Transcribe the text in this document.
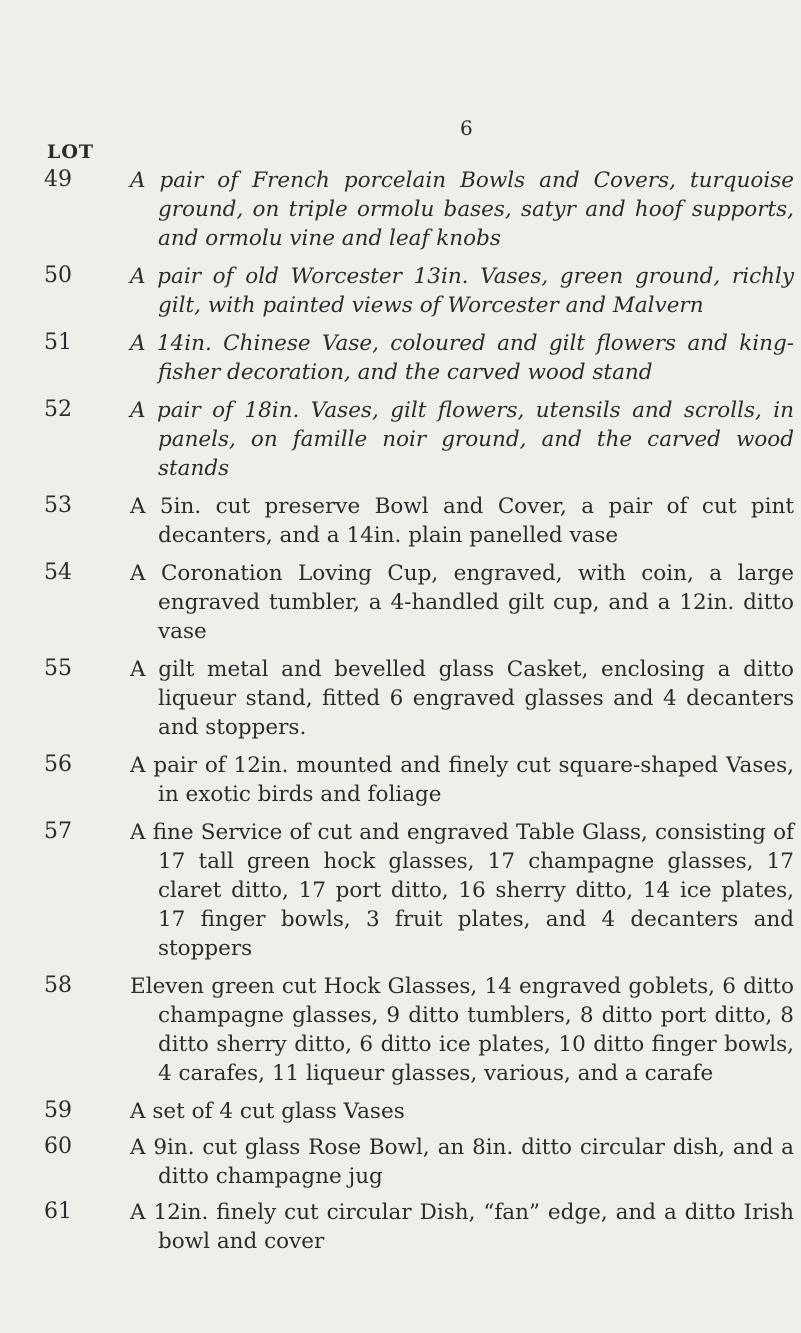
LOT
6
49	A pair of French porcelain Bowls and Covers, turquoise ground, on triple ormolu bases, satyr and hoof supports, and ormolu vine and leaf knobs
50	A pair of old Worcester 13in. Vases, green ground, richly gilt, with painted views of Worcester and Malvern
51	A 14in. Chinese Vase, coloured and gilt flowers and king-fisher decoration, and the carved wood stand
52	A pair of 18in. Vases, gilt flowers, utensils and scrolls, in panels, on famille noir ground, and the carved wood stands
53	A 5in. cut preserve Bowl and Cover, a pair of cut pint decanters, and a 14in. plain panelled vase
54	A Coronation Loving Cup, engraved, with coin, a large engraved tumbler, a 4-handled gilt cup, and a 12in. ditto vase
55	A gilt metal and bevelled glass Casket, enclosing a ditto liqueur stand, fitted 6 engraved glasses and 4 decanters and stoppers.
56	A pair of 12in. mounted and finely cut square-shaped Vases, in exotic birds and foliage
57	A fine Service of cut and engraved Table Glass, consisting of 17 tall green hock glasses, 17 champagne glasses, 17 claret ditto, 17 port ditto, 16 sherry ditto, 14 ice plates, 17 finger bowls, 3 fruit plates, and 4 decanters and stoppers
58	Eleven green cut Hock Glasses, 14 engraved goblets, 6 ditto champagne glasses, 9 ditto tumblers, 8 ditto port ditto, 8 ditto sherry ditto, 6 ditto ice plates, 10 ditto finger bowls, 4 carafes, 11 liqueur glasses, various, and a carafe
59	A set of 4 cut glass Vases
60	A 9in. cut glass Rose Bowl, an 8in. ditto circular dish, and a ditto champagne jug
61	A 12in. finely cut circular Dish, “fan” edge, and a ditto Irish bowl and cover
